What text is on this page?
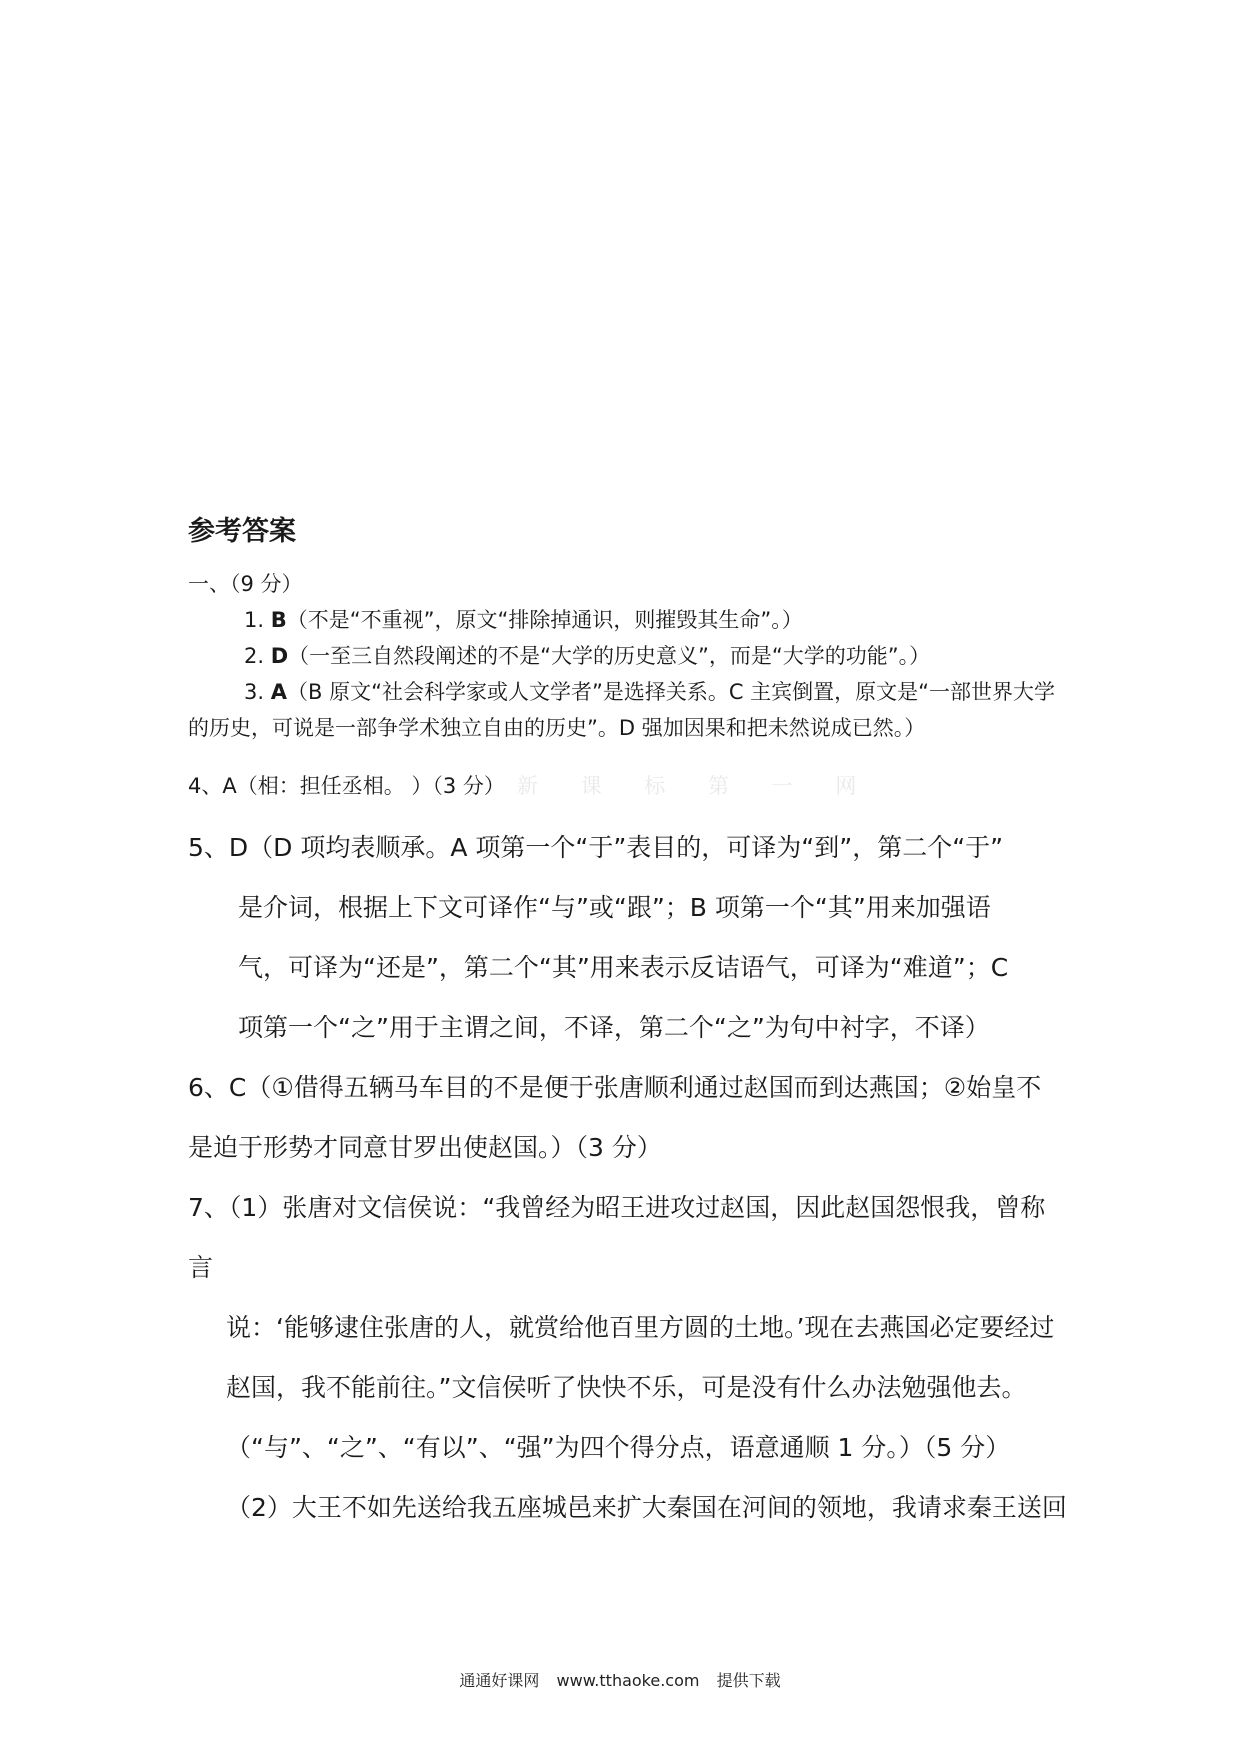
参考答案
一、（9 分）
1. B（不是“不重视”，原文“排除掉通识，则摧毁其生命”。）
2. D（一至三自然段阐述的不是“大学的历史意义”，而是“大学的功能”。）
3. A（B 原文“社会科学家或人文学者”是选择关系。C 主宾倒置，原文是“一部世界大学的历史，可说是一部争学术独立自由的历史”。D 强加因果和把未然说成已然。）
4、A（相：担任丞相。 ）（3 分） 新 课 标 第 一 网
5、D（D 项均表顺承。A 项第一个“于”表目的，可译为“到”，第二个“于”
是介词，根据上下文可译作“与”或“跟”；B 项第一个“其”用来加强语
气，可译为“还是”，第二个“其”用来表示反诘语气，可译为“难道”；C
项第一个“之”用于主谓之间，不译，第二个“之”为句中衬字，不译）
6、C（①借得五辆马车目的不是便于张唐顺利通过赵国而到达燕国；②始皇不
是迫于形势才同意甘罗出使赵国。）（3 分）
7、（1）张唐对文信侯说：“我曾经为昭王进攻过赵国，因此赵国怨恨我，曾称言
说：‘能够逮住张唐的人，就赏给他百里方圆的土地。’现在去燕国必定要经过
赵国，我不能前往。”文信侯听了快快不乐，可是没有什么办法勉强他去。
（“与”、“之”、“有以”、“强”为四个得分点，语意通顺 1 分。）（5 分）
（2）大王不如先送给我五座城邑来扩大秦国在河间的领地，我请求秦王送回
通通好课网 www.tthaoke.com 提供下载
